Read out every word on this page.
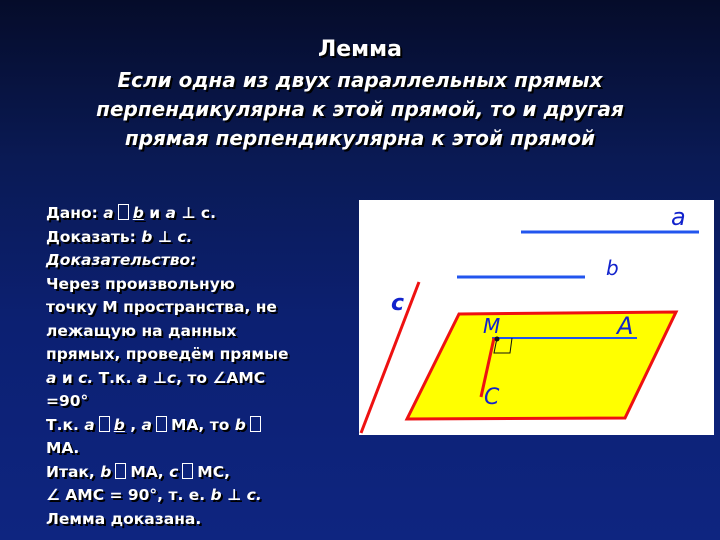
Лемма
Если одна из двух параллельных прямых
перпендикулярна к этой прямой, то и другая
прямая перпендикулярна к этой прямой
Дано: a b и a ⊥ c.
Доказать: b ⊥ c.
Доказательство:
Через произвольную
точку М пространства, не
лежащую на данных
прямых, проведём прямые
a и с. Т.к. a ⊥с, то ∠АМС
=90°
Т.к. a b , a МА, то b
МА.
Итак, b МА, c МС,
∠ АМС = 90°, т. е. b ⊥ c.
Лемма доказана.
a
b
c
M	A
C
